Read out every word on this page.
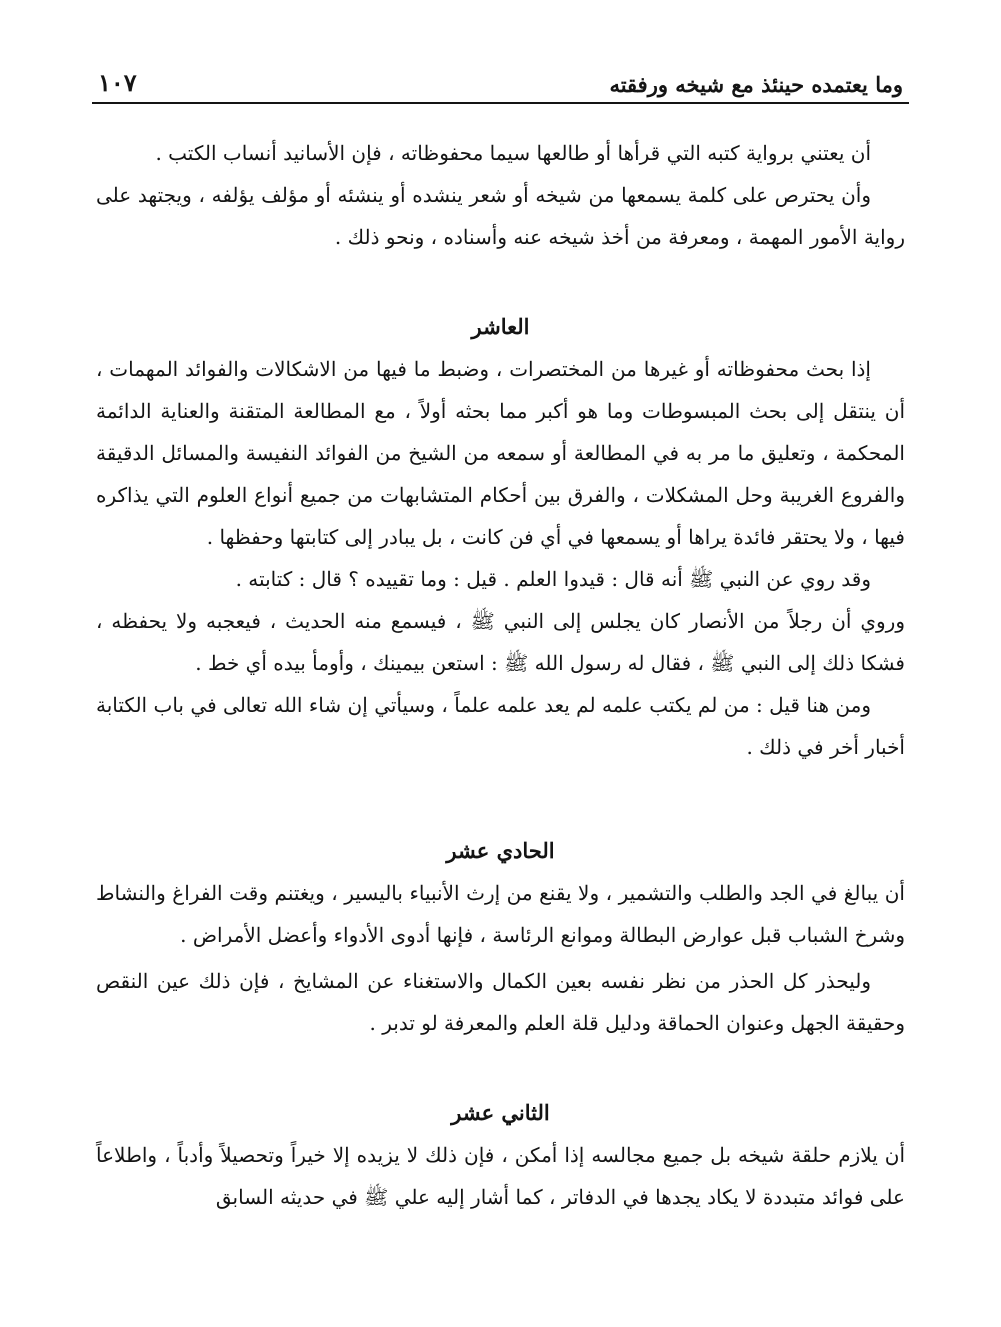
وما يعتمده حينئذ مع شيخه ورفقته
١٠٧

أن يعتني برواية كتبه التي قرأها أو طالعها سيما محفوظاته ، فإن الأسانيد أنساب الكتب .

وأن يحترص على كلمة يسمعها من شيخه أو شعر ينشده أو ينشئه أو مؤلف يؤلفه ، ويجتهد على رواية الأمور المهمة ، ومعرفة من أخذ شيخه عنه وأسناده ، ونحو ذلك .

العاشر

إذا بحث محفوظاته أو غيرها من المختصرات ، وضبط ما فيها من الاشكالات والفوائد المهمات ، أن ينتقل إلى بحث المبسوطات وما هو أكبر مما بحثه أولاً ، مع المطالعة المتقنة والعناية الدائمة المحكمة ، وتعليق ما مر به في المطالعة أو سمعه من الشيخ من الفوائد النفيسة والمسائل الدقيقة والفروع الغريبة وحل المشكلات ، والفرق بين أحكام المتشابهات من جميع أنواع العلوم التي يذاكره فيها ، ولا يحتقر فائدة يراها أو يسمعها في أي فن كانت ، بل يبادر إلى كتابتها وحفظها .

وقد روي عن النبي ﷺ أنه قال : قيدوا العلم . قيل : وما تقييده ؟ قال : كتابته .

وروي أن رجلاً من الأنصار كان يجلس إلى النبي ﷺ ، فيسمع منه الحديث ، فيعجبه ولا يحفظه ، فشكا ذلك إلى النبي ﷺ ، فقال له رسول الله ﷺ : استعن بيمينك ، وأومأ بيده أي خط .

ومن هنا قيل : من لم يكتب علمه لم يعد علمه علماً ، وسيأتي إن شاء الله تعالى في باب الكتابة أخبار أخر في ذلك .

الحادي عشر

أن يبالغ في الجد والطلب والتشمير ، ولا يقنع من إرث الأنبياء باليسير ، ويغتنم وقت الفراغ والنشاط وشرخ الشباب قبل عوارض البطالة وموانع الرئاسة ، فإنها أدوى الأدواء وأعضل الأمراض .

وليحذر كل الحذر من نظر نفسه بعين الكمال والاستغناء عن المشايخ ، فإن ذلك عين النقص وحقيقة الجهل وعنوان الحماقة ودليل قلة العلم والمعرفة لو تدبر .

الثاني عشر

أن يلازم حلقة شيخه بل جميع مجالسه إذا أمكن ، فإن ذلك لا يزيده إلا خيراً وتحصيلاً وأدباً ، واطلاعاً على فوائد متبددة لا يكاد يجدها في الدفاتر ، كما أشار إليه علي ﷺ في حديثه السابق
